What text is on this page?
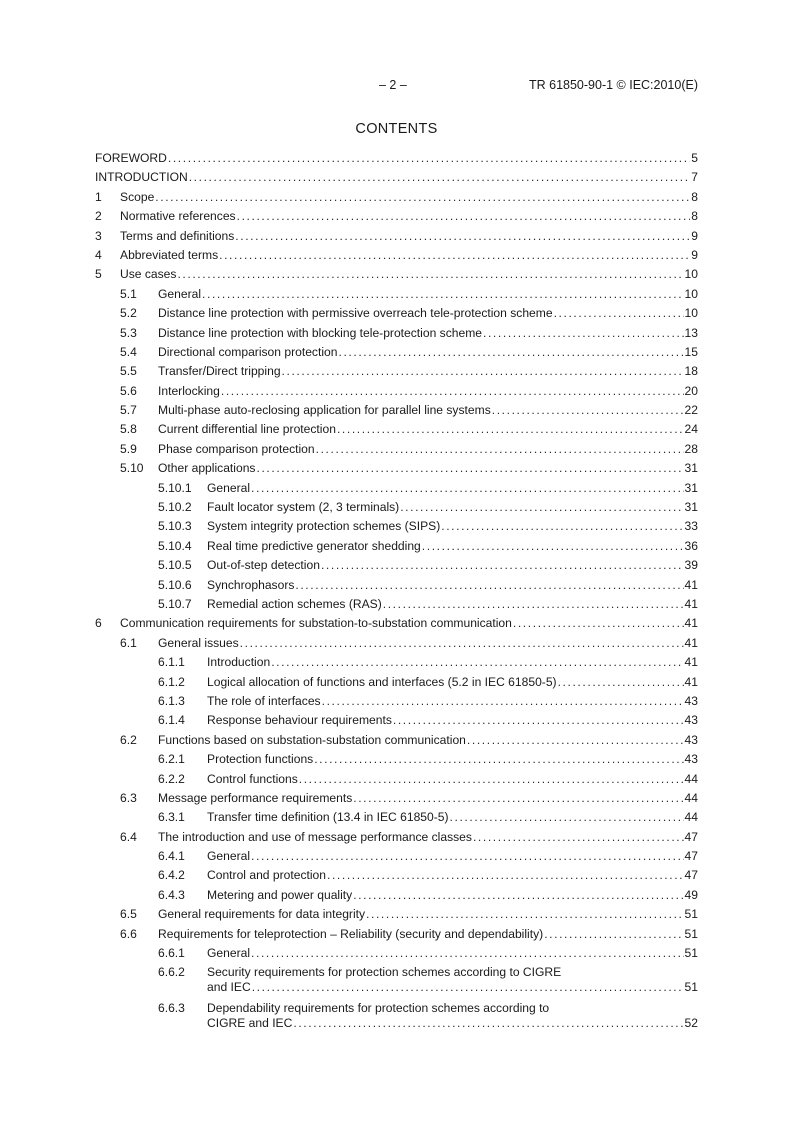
– 2 –	TR 61850-90-1 © IEC:2010(E)
CONTENTS
FOREWORD .....	5
INTRODUCTION .....	7
1 Scope .....	8
2 Normative references .....	8
3 Terms and definitions .....	9
4 Abbreviated terms .....	9
5 Use cases .....	10
5.1 General .....	10
5.2 Distance line protection with permissive overreach tele-protection scheme .....	10
5.3 Distance line protection with blocking tele-protection scheme .....	13
5.4 Directional comparison protection .....	15
5.5 Transfer/Direct tripping .....	18
5.6 Interlocking .....	20
5.7 Multi-phase auto-reclosing application for parallel line systems .....	22
5.8 Current differential line protection .....	24
5.9 Phase comparison protection .....	28
5.10 Other applications .....	31
5.10.1 General .....	31
5.10.2 Fault locator system (2, 3 terminals) .....	31
5.10.3 System integrity protection schemes (SIPS) .....	33
5.10.4 Real time predictive generator shedding .....	36
5.10.5 Out-of-step detection .....	39
5.10.6 Synchrophasors .....	41
5.10.7 Remedial action schemes (RAS) .....	41
6 Communication requirements for substation-to-substation communication .....	41
6.1 General issues .....	41
6.1.1 Introduction .....	41
6.1.2 Logical allocation of functions and interfaces (5.2 in IEC 61850-5) .....	41
6.1.3 The role of interfaces .....	43
6.1.4 Response behaviour requirements .....	43
6.2 Functions based on substation-substation communication .....	43
6.2.1 Protection functions .....	43
6.2.2 Control functions .....	44
6.3 Message performance requirements .....	44
6.3.1 Transfer time definition (13.4 in IEC 61850-5) .....	44
6.4 The introduction and use of message performance classes .....	47
6.4.1 General .....	47
6.4.2 Control and protection .....	47
6.4.3 Metering and power quality .....	49
6.5 General requirements for data integrity .....	51
6.6 Requirements for teleprotection – Reliability (security and dependability) .....	51
6.6.1 General .....	51
6.6.2 Security requirements for protection schemes according to CIGRE
and IEC .....	51
6.6.3 Dependability requirements for protection schemes according to
CIGRE and IEC .....	52
